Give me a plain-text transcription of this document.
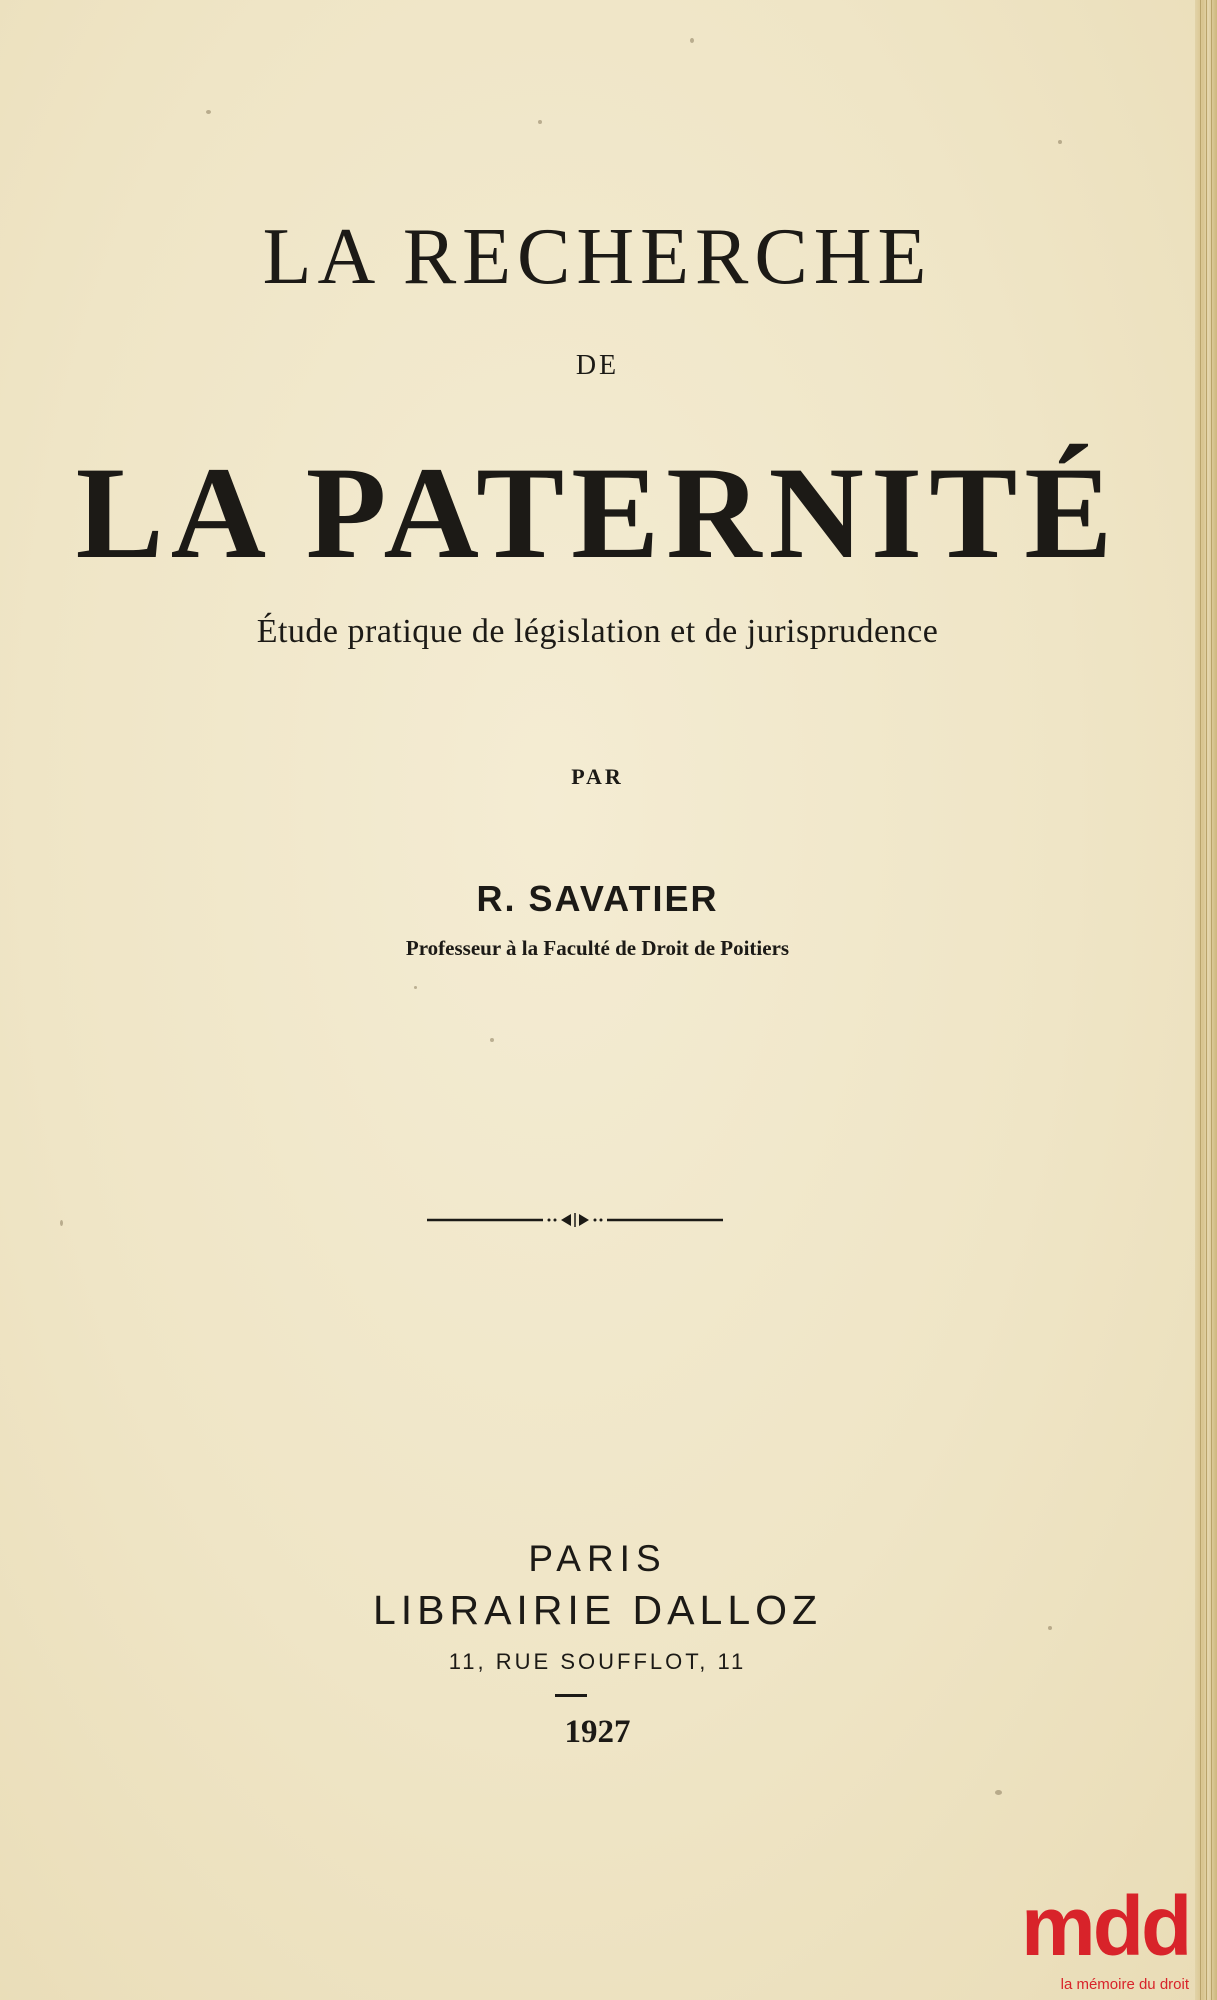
LA RECHERCHE
DE
LA PATERNITÉ
Étude pratique de législation et de jurisprudence
PAR
R. SAVATIER
Professeur à la Faculté de Droit de Poitiers
PARIS
LIBRAIRIE DALLOZ
11, RUE SOUFFLOT, 11
1927
mdd
la mémoire du droit
